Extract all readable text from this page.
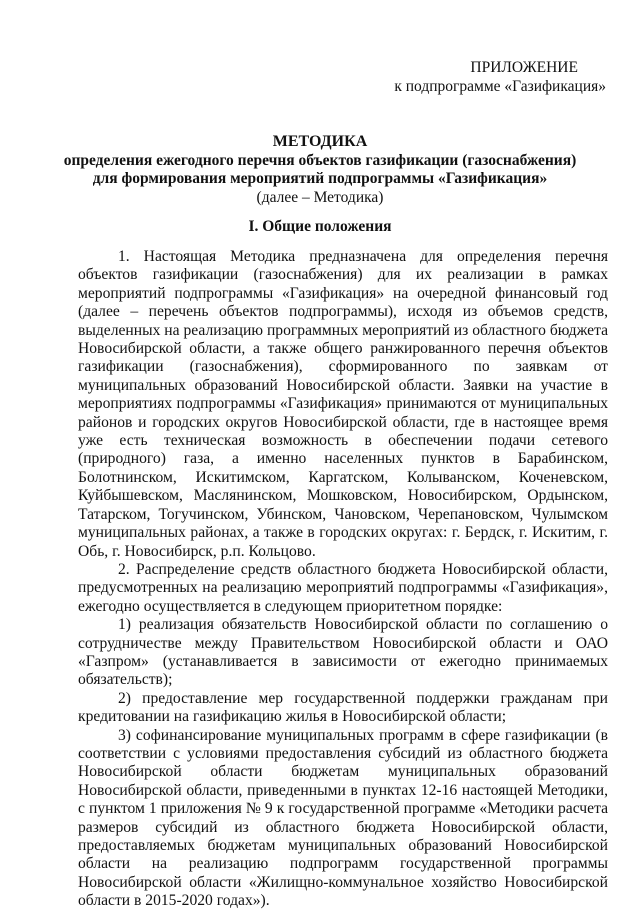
ПРИЛОЖЕНИЕ
к подпрограмме «Газификация»
МЕТОДИКА
определения ежегодного перечня объектов газификации (газоснабжения)
для формирования мероприятий подпрограммы «Газификация»
(далее – Методика)
I. Общие положения

1. Настоящая Методика предназначена для определения перечня объектов газификации (газоснабжения) для их реализации в рамках мероприятий подпрограммы «Газификация» на очередной финансовый год (далее – перечень объектов подпрограммы), исходя из объемов средств, выделенных на реализацию программных мероприятий из областного бюджета Новосибирской области, а также общего ранжированного перечня объектов газификации (газоснабжения), сформированного по заявкам от муниципальных образований Новосибирской области. Заявки на участие в мероприятиях подпрограммы «Газификация» принимаются от муниципальных районов и городских округов Новосибирской области, где в настоящее время уже есть техническая возможность в обеспечении подачи сетевого (природного) газа, а именно населенных пунктов в Барабинском, Болотнинском, Искитимском, Каргатском, Колыванском, Коченевском, Куйбышевском, Маслянинском, Мошковском, Новосибирском, Ордынском, Татарском, Тогучинском, Убинском, Чановском, Черепановском, Чулымском муниципальных районах, а также в городских округах: г. Бердск, г. Искитим, г. Обь, г. Новосибирск, р.п. Кольцово.

2. Распределение средств областного бюджета Новосибирской области, предусмотренных на реализацию мероприятий подпрограммы «Газификация», ежегодно осуществляется в следующем приоритетном порядке:

1) реализация обязательств Новосибирской области по соглашению о сотрудничестве между Правительством Новосибирской области и ОАО «Газпром» (устанавливается в зависимости от ежегодно принимаемых обязательств);

2) предоставление мер государственной поддержки гражданам при кредитовании на газификацию жилья в Новосибирской области;

3) софинансирование муниципальных программ в сфере газификации (в соответствии с условиями предоставления субсидий из областного бюджета Новосибирской области бюджетам муниципальных образований Новосибирской области, приведенными в пунктах 12-16 настоящей Методики, с пунктом 1 приложения № 9 к государственной программе «Методики расчета размеров субсидий из областного бюджета Новосибирской области, предоставляемых бюджетам муниципальных образований Новосибирской области на реализацию подпрограмм государственной программы Новосибирской области «Жилищно-коммунальное хозяйство Новосибирской области в 2015-2020 годах»).
